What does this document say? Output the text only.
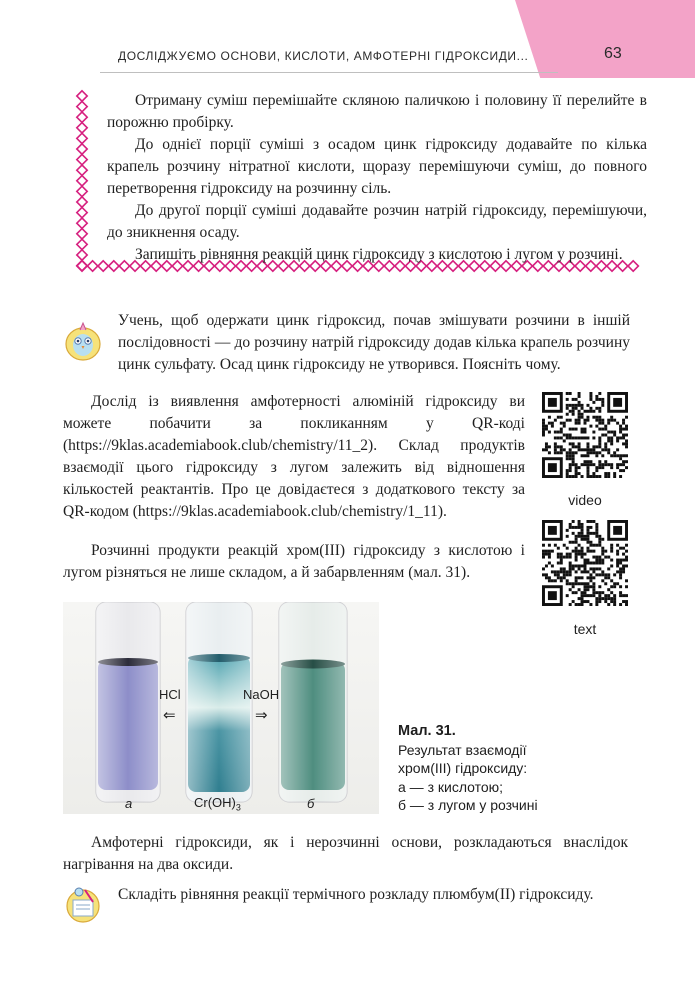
ДОСЛІДЖУЄМО ОСНОВИ, КИСЛОТИ, АМФОТЕРНІ ГІДРОКСИДИ...	63

Отриману суміш перемішайте скляною паличкою і половину її перелийте в порожню пробірку.

До однієї порції суміші з осадом цинк гідроксиду додавайте по кілька крапель розчину нітратної кислоти, щоразу перемішуючи суміш, до повного перетворення гідроксиду на розчинну сіль.

До другої порції суміші додавайте розчин натрій гідроксиду, перемішуючи, до зникнення осаду.

Запишіть рівняння реакцій цинк гідроксиду з кислотою і лугом у розчині.

Учень, щоб одержати цинк гідроксид, почав змішувати розчини в іншій послідовності — до розчину натрій гідроксиду додав кілька крапель розчину цинк сульфату. Осад цинк гідроксиду не утворився. Поясніть чому.

Дослід із виявлення амфотерності алюміній гідроксиду ви можете побачити за покликанням у QR-коді (https://9klas.academiabook.club/chemistry/11_2). Склад продуктів взаємодії цього гідроксиду з лугом залежить від відношення кількостей реактантів. Про це довідаєтеся з додаткового тексту за QR-кодом (https://9klas.academiabook.club/chemistry/1_11).

video
text

Розчинні продукти реакцій хром(III) гідроксиду з кислотою і лугом різняться не лише складом, а й забарвленням (мал. 31).

HCl
⇐
NaOH
⇒
а	$Cr(OH)_3$	б
Мал. 31.
Результат взаємодії
хром(III) гідроксиду:
а — з кислотою;
б — з лугом у розчині

Амфотерні гідроксиди, як і нерозчинні основи, розкладаються внаслідок нагрівання на два оксиди.

Складіть рівняння реакції термічного розкладу плюмбум(II) гідроксиду.
